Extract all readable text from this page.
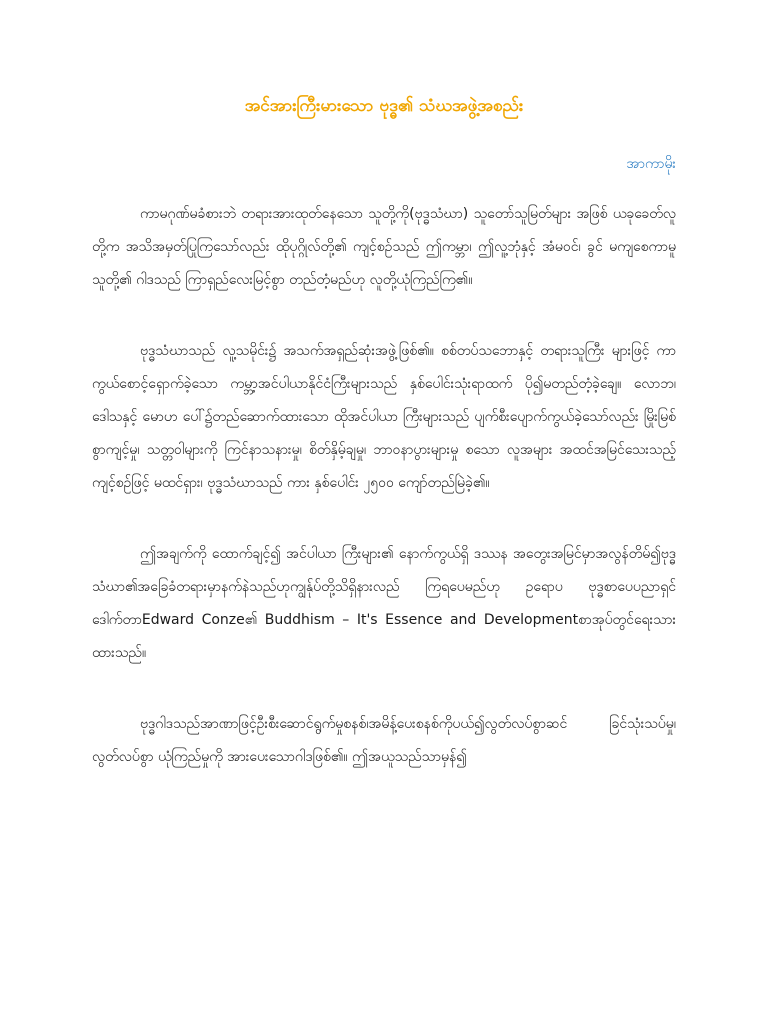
အင်အားကြီးမားသော ဗုဒ္ဓ၏ သံဃအဖွဲ့အစည်း
အာကာမိုး

ကာမဂုဏ်မခံစားဘဲ တရားအားထုတ်နေသော သူတို့ကို(ဗုဒ္ဓသံဃာ) သူတော်သူမြတ်များ အဖြစ် ယခုခေတ်လူတို့က အသိအမှတ်ပြုကြသော်လည်း ထိုပုဂ္ဂိုလ်တို့၏ ကျင့်စဉ်သည် ဤကမ္ဘာ၊ ဤလူ့ဘုံနှင့် အံမဝင်၊ ခွင် မကျစေကာမူ သူတို့၏ ဂါဒသည် ကြာရှည်လေးမြင့်စွာ တည်တံ့မည်ဟု လူတို့ယုံကြည်ကြ၏။

ဗုဒ္ဓသံဃာသည် လူ့သမိုင်း၌ အသက်အရှည်ဆုံးအဖွဲ့ဖြစ်၏။ စစ်တပ်သဘောနှင့် တရားသူကြီး များဖြင့် ကာကွယ်စောင့်ရှောက်ခဲ့သော ကမ္ဘာ့အင်ပါယာနိုင်ငံကြီးများသည် နှစ်ပေါင်းသုံးရာထက် ပို၍မတည်တံ့ခဲ့ချေ။ လောဘ၊ ဒေါသနှင့် မောဟ ပေါ်၌တည်ဆောက်ထားသော ထိုအင်ပါယာ ကြီးများသည် ပျက်စီးပျောက်ကွယ်ခဲ့သော်လည်း မြိုးမြစ်စွာကျင့်မှု၊ သတ္တဝါများကို ကြင်နာသနားမှု၊ စိတ်နှိမ့်ချမှု၊ ဘာဝနာပွားများမှု စသော လူအများ အထင်အမြင်သေးသည့်ကျင့်စဉ်ဖြင့် မထင်ရှား၊ ဗုဒ္ဓသံဃာသည် ကား နှစ်ပေါင်း ၂၅၀၀ ကျော်တည်မြဲခဲ့၏။

ဤအချက်ကို ထောက်ချင့်၍ အင်ပါယာ ကြီးများ၏ နောက်ကွယ်ရှိ ဒဿန အတွေးအမြင်မှာအလွန်တိမ်၍ဗုဒ္ဓသံဃာ၏အခြေခံတရားမှာနက်နဲသည်ဟုကျွန်ုပ်တို့သိရှိနားလည် ကြရပေမည်ဟု ဥရောပ ဗုဒ္ဓစာပေပညာရှင် ဒေါက်တာEdward Conze၏ Buddhism – It's Essence and Developmentစာအုပ်တွင်ရေးသားထားသည်။

ဗုဒ္ဓဂါဒသည်အာဏာဖြင့်ဦးစီးဆောင်ရွက်မှုစနစ်၊အမိန့်ပေးစနစ်ကိုပယ်၍လွတ်လပ်စွာဆင် ခြင်သုံးသပ်မှု၊ လွတ်လပ်စွာ ယုံကြည်မှုကို အားပေးသောဂါဒဖြစ်၏။ ဤအယူသည်သာမှန်၍
